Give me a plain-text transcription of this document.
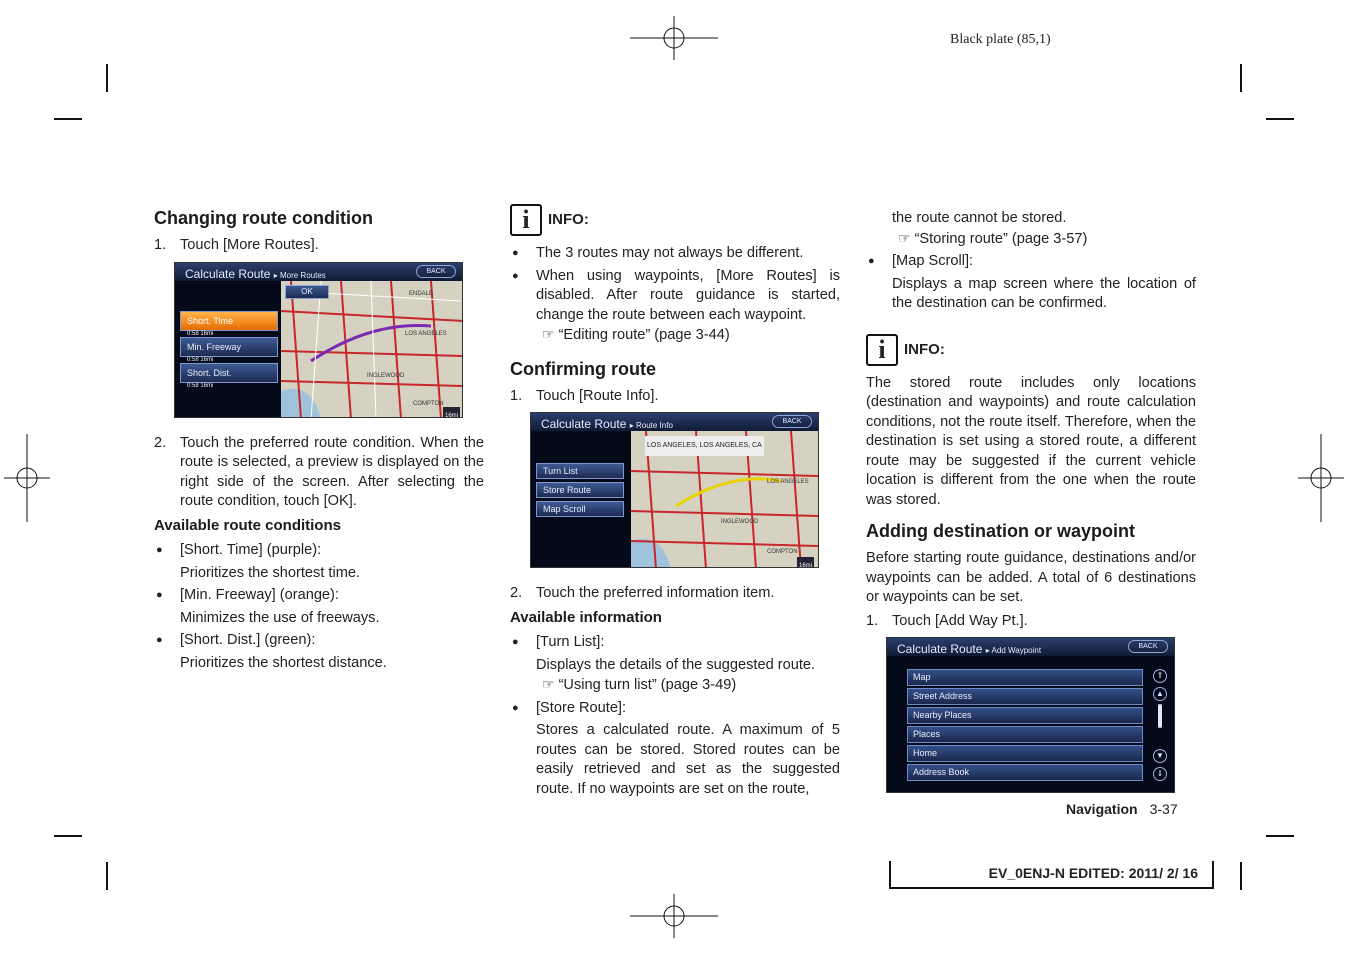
Black plate (85,1)
Changing route condition
1. Touch [More Routes].
Calculate Route ▸ More Routes	BACK
ENDALE
LOS ANGELES
INGLEWOOD
COMPTON
16mi
OK
Short. Time
0:58 16mi
Min. Freeway
0:58 16mi
Short. Dist.
0:58 16mi
2. Touch the preferred route condition. When the route is selected, a preview is displayed on the right side of the screen. After selecting the route condition, touch [OK].
Available route conditions
●	[Short. Time] (purple):
Prioritizes the shortest time.
●	[Min. Freeway] (orange):
Minimizes the use of freeways.
●	[Short. Dist.] (green):
Prioritizes the shortest distance.
i	INFO:
●	The 3 routes may not always be different.
●	When using waypoints, [More Routes] is disabled. After route guidance is started, change the route between each waypoint.
☞ “Editing route” (page 3-44)
Confirming route
1. Touch [Route Info].
Calculate Route ▸ Route Info	BACK
LOS ANGELES, LOS ANGELES, CA
LOS ANGELES
INGLEWOOD
COMPTON
16mi
Turn List
Store Route
Map Scroll
2. Touch the preferred information item.
Available information
●	[Turn List]:
Displays the details of the suggested route.
☞ “Using turn list” (page 3-49)
●	[Store Route]:
Stores a calculated route. A maximum of 5 routes can be stored. Stored routes can be easily retrieved and set as the suggested route. If no waypoints are set on the route,
the route cannot be stored.
☞ “Storing route” (page 3-57)
●	[Map Scroll]:
Displays a map screen where the location of the destination can be confirmed.
i	INFO:

The stored route includes only locations (destination and waypoints) and route calculation conditions, not the route itself. Therefore, when the destination is set using a stored route, a different route may be suggested if the current vehicle location is different from the one when the route was stored.

Adding destination or waypoint

Before starting route guidance, destinations and/or waypoints can be added. A total of 6 destinations or waypoints can be set.

1. Touch [Add Way Pt.].
Calculate Route ▸ Add Waypoint	BACK
Map
Street Address
Nearby Places
Places
Home
Address Book
⇑
▲
▼
⇓
Navigation 3-37
EV_0ENJ-N EDITED: 2011/ 2/ 16
